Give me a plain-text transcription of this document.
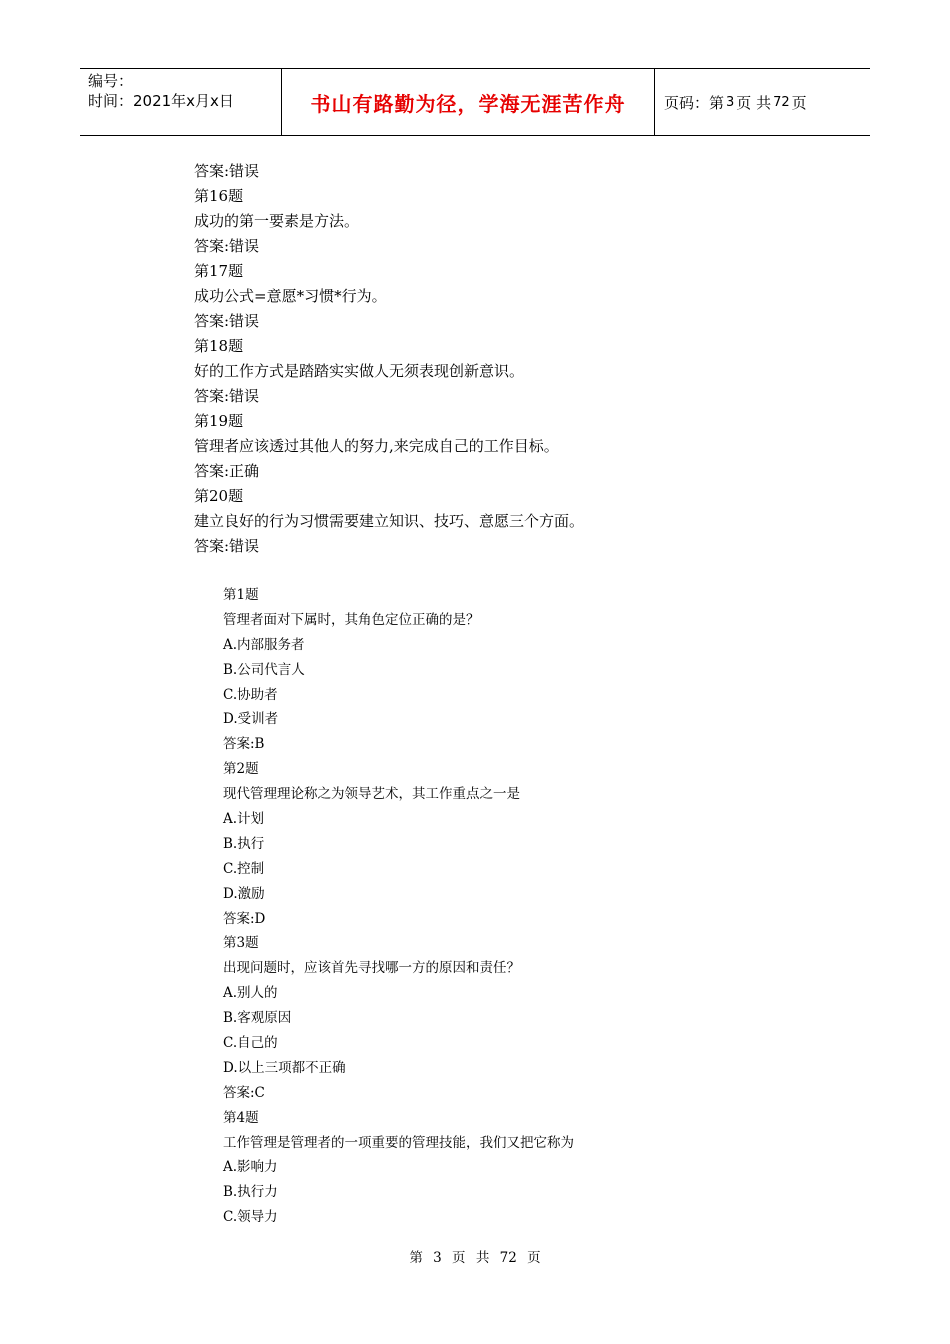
编号：
时间：2021年x月x日	书山有路勤为径，学海无涯苦作舟	页码：第 3 页 共 72 页
答案:错误
第16题
成功的第一要素是方法。
答案:错误
第17题
成功公式=意愿*习惯*行为。
答案:错误
第18题
好的工作方式是踏踏实实做人无须表现创新意识。
答案:错误
第19题
管理者应该透过其他人的努力,来完成自己的工作目标。
答案:正确
第20题
建立良好的行为习惯需要建立知识、技巧、意愿三个方面。
答案:错误
第1题
管理者面对下属时，其角色定位正确的是？
A.内部服务者
B.公司代言人
C.协助者
D.受训者
答案:B
第2题
现代管理理论称之为领导艺术，其工作重点之一是
A.计划
B.执行
C.控制
D.激励
答案:D
第3题
出现问题时，应该首先寻找哪一方的原因和责任？
A.别人的
B.客观原因
C.自己的
D.以上三项都不正确
答案:C
第4题
工作管理是管理者的一项重要的管理技能，我们又把它称为
A.影响力
B.执行力
C.领导力
第 3 页 共 72 页
